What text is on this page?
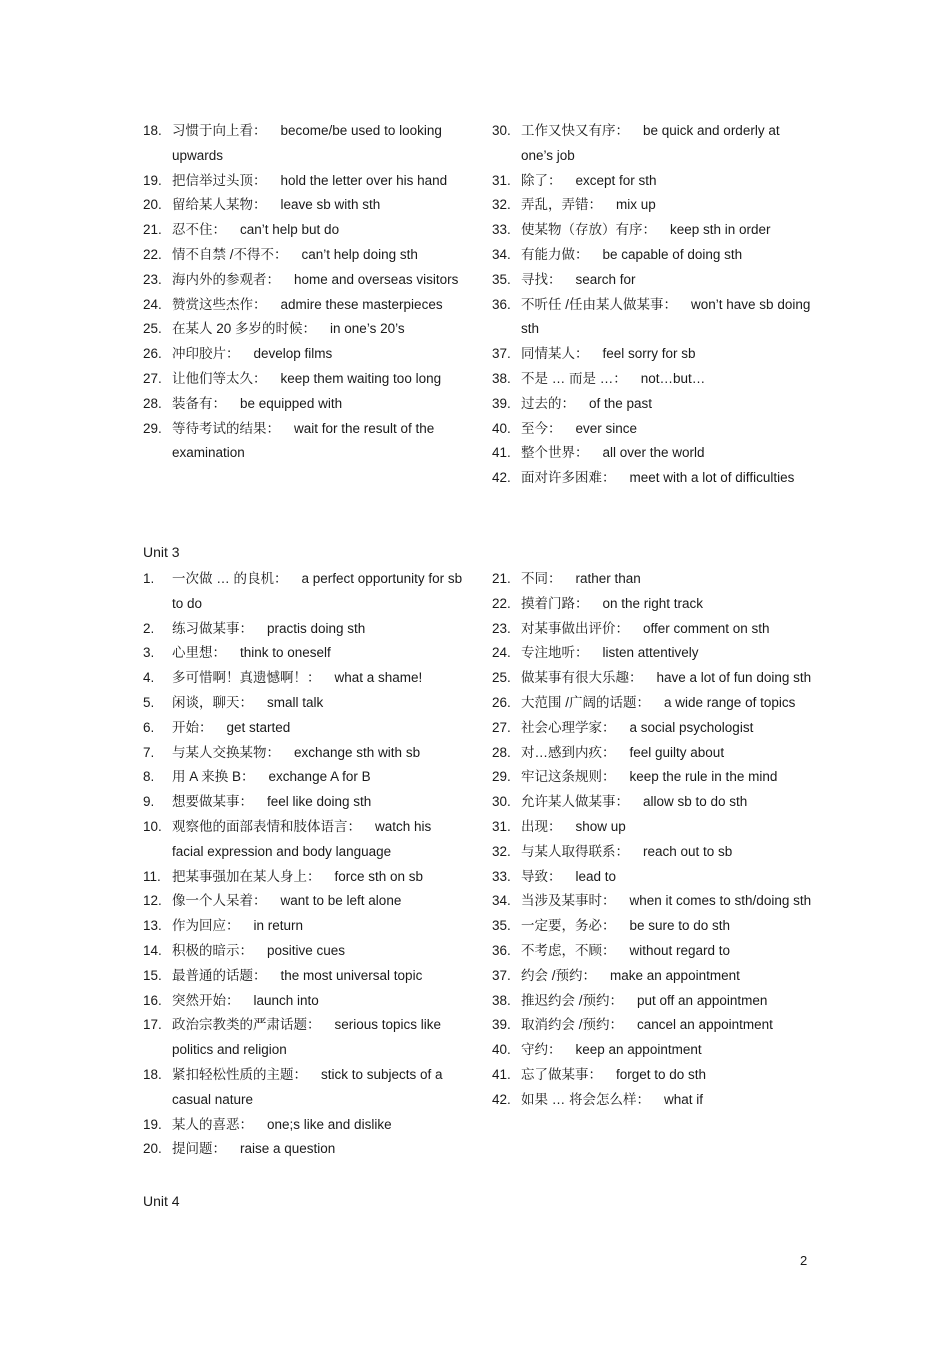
18. 习惯于向上看： become/be used to looking upwards
19. 把信举过头顶： hold the letter over his hand
20. 留给某人某物： leave sb with sth
21. 忍不住： can’t help but do
22. 情不自禁 /不得不： can’t help doing sth
23. 海内外的参观者： home and overseas visitors
24. 赞赏这些杰作： admire these masterpieces
25. 在某人 20 多岁的时候： in one’s 20’s
26. 冲印胶片： develop films
27. 让他们等太久： keep them waiting too long
28. 装备有： be equipped with
29. 等待考试的结果： wait for the result of the examination
30. 工作又快又有序： be quick and orderly at one’s job
31. 除了： except for sth
32. 弄乱，弄错： mix up
33. 使某物（存放）有序： keep sth in order
34. 有能力做： be capable of doing sth
35. 寻找： search for
36. 不听任 /任由某人做某事： won’t have sb doing sth
37. 同情某人： feel sorry for sb
38. 不是 … 而是 …： not…but…
39. 过去的： of the past
40. 至今： ever since
41. 整个世界： all over the world
42. 面对许多困难： meet with a lot of difficulties
Unit 3
1. 一次做 … 的良机： a perfect opportunity for sb to do
2. 练习做某事： practis doing sth
3. 心里想： think to oneself
4. 多可惜啊！真遗憾啊！： what a shame!
5. 闲谈，聊天： small talk
6. 开始： get started
7. 与某人交换某物： exchange sth with sb
8. 用 A 来换 B： exchange A for B
9. 想要做某事： feel like doing sth
10. 观察他的面部表情和肢体语言： watch his facial expression and body language
11. 把某事强加在某人身上： force sth on sb
12. 像一个人呆着： want to be left alone
13. 作为回应： in return
14. 积极的暗示： positive cues
15. 最普通的话题： the most universal topic
16. 突然开始： launch into
17. 政治宗教类的严肃话题： serious topics like politics and religion
18. 紧扣轻松性质的主题： stick to subjects of a casual nature
19. 某人的喜恶： one;s like and dislike
20. 提问题： raise a question
21. 不同： rather than
22. 摸着门路： on the right track
23. 对某事做出评价： offer comment on sth
24. 专注地听： listen attentively
25. 做某事有很大乐趣： have a lot of fun doing sth
26. 大范围 /广阔的话题： a wide range of topics
27. 社会心理学家： a social psychologist
28. 对…感到内疚： feel guilty about
29. 牢记这条规则： keep the rule in the mind
30. 允许某人做某事： allow sb to do sth
31. 出现： show up
32. 与某人取得联系： reach out to sb
33. 导致： lead to
34. 当涉及某事时： when it comes to sth/doing sth
35. 一定要，务必： be sure to do sth
36. 不考虑，不顾： without regard to
37. 约会 /预约： make an appointment
38. 推迟约会 /预约： put off an appointmen
39. 取消约会 /预约： cancel an appointment
40. 守约： keep an appointment
41. 忘了做某事： forget to do sth
42. 如果 … 将会怎么样： what if
Unit 4
2
